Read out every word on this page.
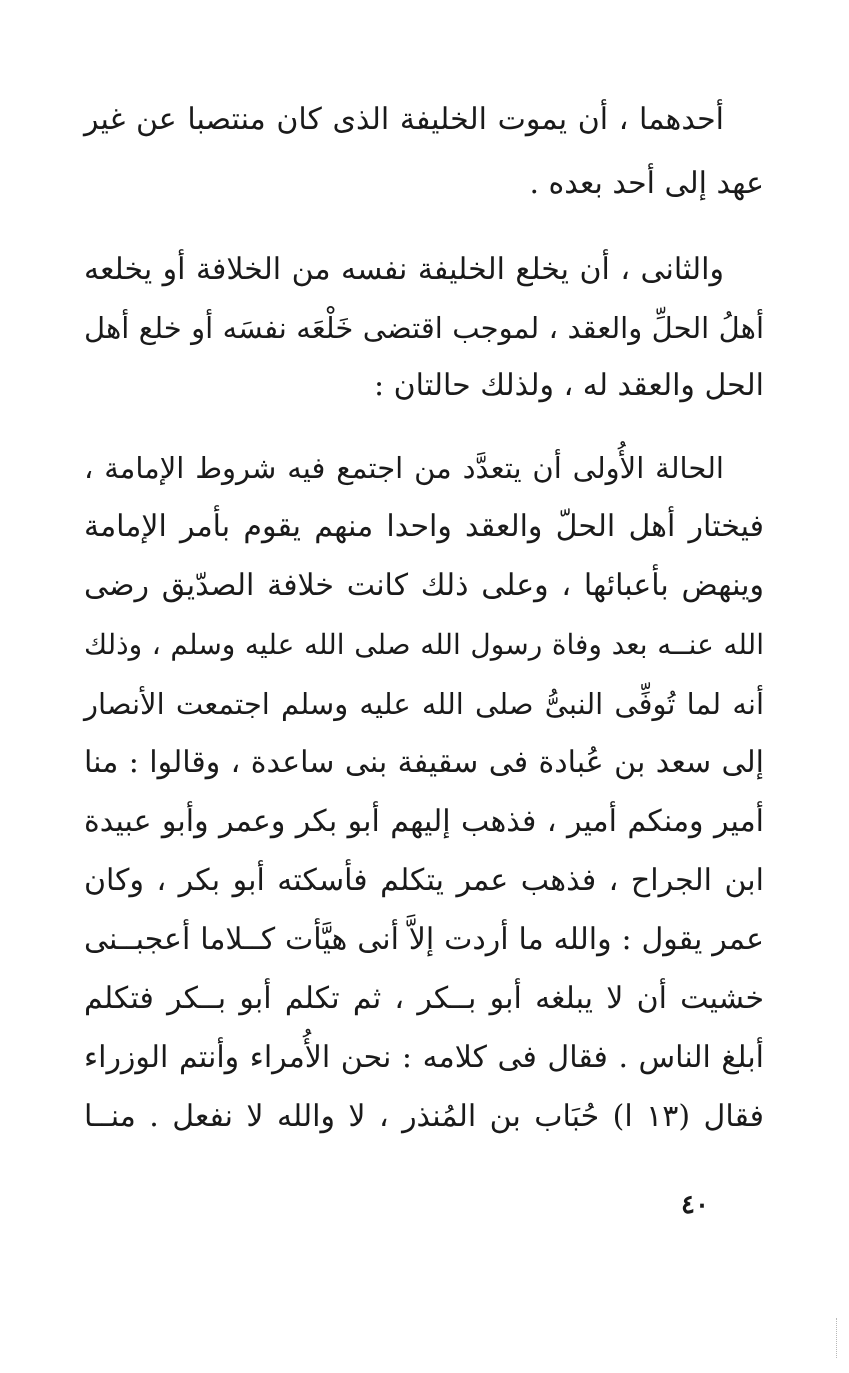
أحدهما ، أن يموت الخليفة الذى كان منتصبا عن غير
عهد إلى أحد بعده .
والثانى ، أن يخلع الخليفة نفسه من الخلافة أو يخلعه
أهلُ الحلِّ والعقد ، لموجب اقتضى خَلْعَه نفسَه أو خلع أهل
الحل والعقد له ، ولذلك حالتان :
الحالة الأُولى أن يتعدَّد من اجتمع فيه شروط الإمامة ،
فيختار أهل الحلّ والعقد واحدا منهم يقوم بأمر الإمامة
وينهض بأعبائها ، وعلى ذلك كانت خلافة الصدّيق رضى
الله عنــه بعد وفاة رسول الله صلى الله عليه وسلم ، وذلك
أنه لما تُوفِّى النبىُّ صلى الله عليه وسلم اجتمعت الأنصار
إلى سعد بن عُبادة فى سقيفة بنى ساعدة ، وقالوا : منا
أمير ومنكم أمير ، فذهب إليهم أبو بكر وعمر وأبو عبيدة
ابن الجراح ، فذهب عمر يتكلم فأسكته أبو بكر ، وكان
عمر يقول : والله ما أردت إلاَّ أنى هيَّأت كــلاما أعجبــنى
خشيت أن لا يبلغه أبو بــكر ، ثم تكلم أبو بــكر فتكلم
أبلغ الناس . فقال فى كلامه : نحن الأُمراء وأنتم الوزراء
فقال (١٣ ا) حُبَاب بن المُنذر ، لا والله لا نفعل . منــا
٤٠
